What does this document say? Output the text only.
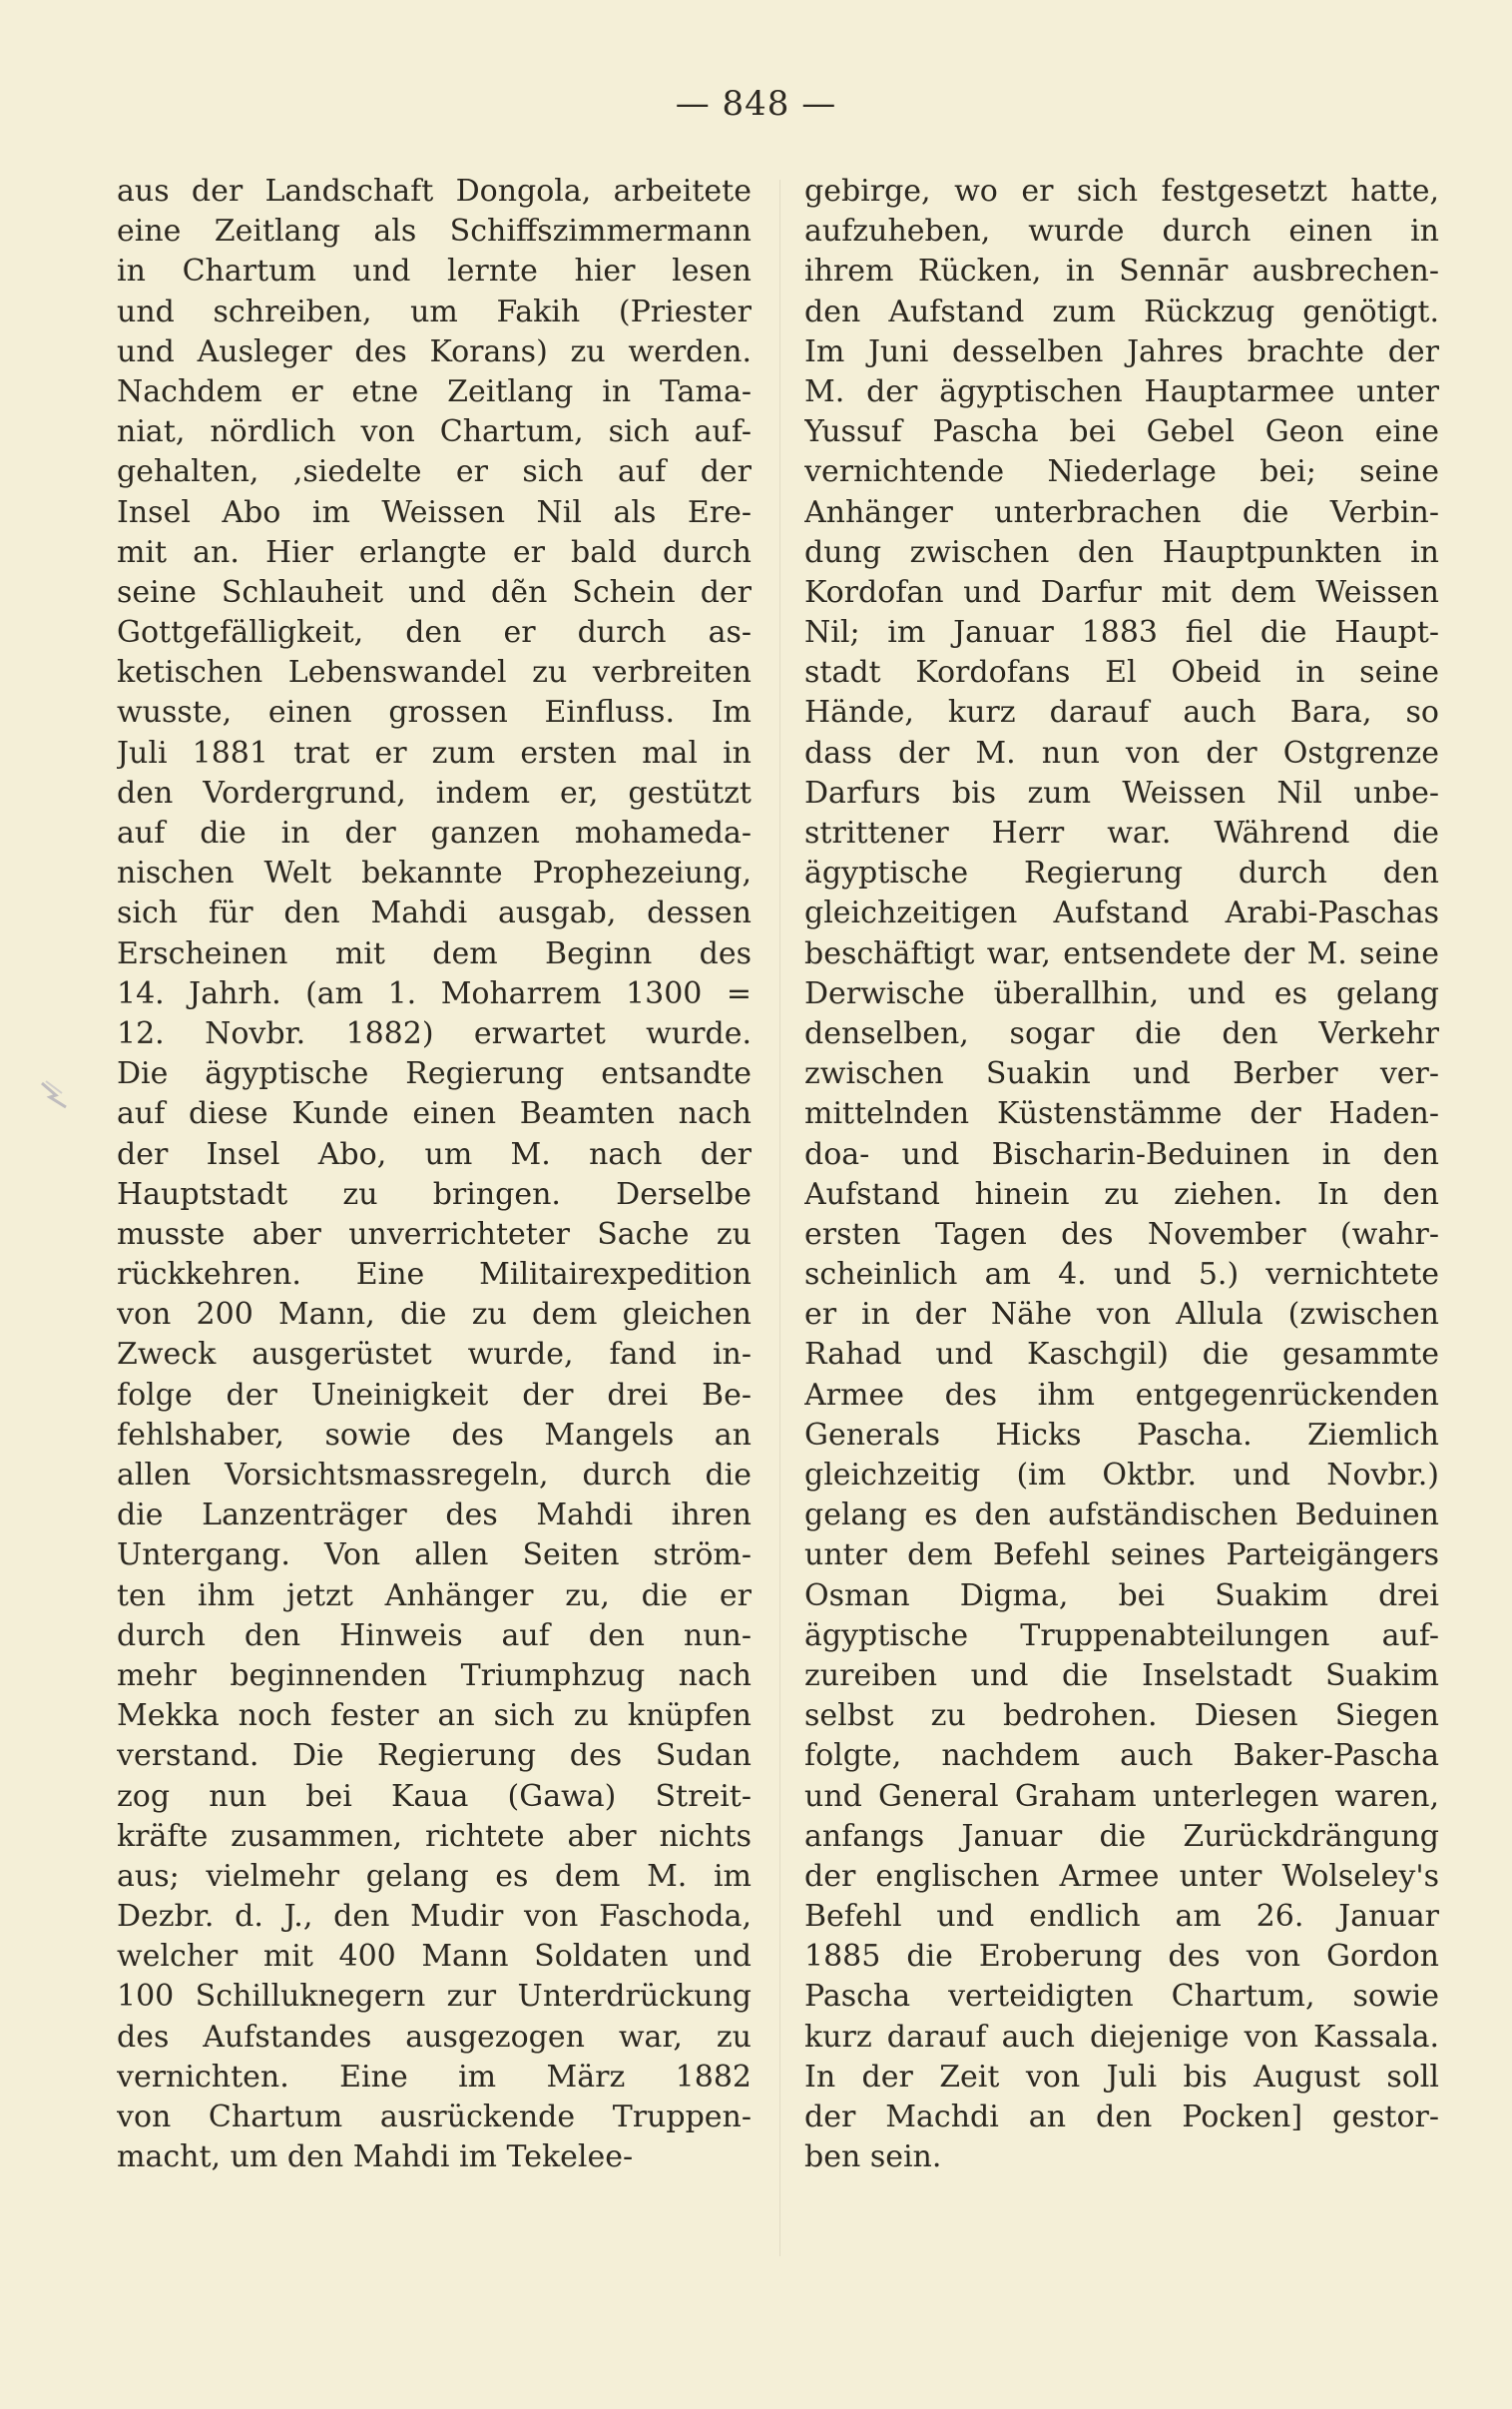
— 848 —
aus der Landschaft Dongola, arbeitete
eine Zeitlang als Schiffszimmermann
in Chartum und lernte hier lesen
und schreiben, um Fakih (Priester
und Ausleger des Korans) zu werden.
Nachdem er etne Zeitlang in Tama-
niat, nördlich von Chartum, sich auf-
gehalten, ,siedelte er sich auf der
Insel Abo im Weissen Nil als Ere-
mit an. Hier erlangte er bald durch
seine Schlauheit und dẽn Schein der
Gottgefälligkeit, den er durch as-
ketischen Lebenswandel zu verbreiten
wusste, einen grossen Einfluss. Im
Juli 1881 trat er zum ersten mal in
den Vordergrund, indem er, gestützt
auf die in der ganzen mohameda-
nischen Welt bekannte Prophezeiung,
sich für den Mahdi ausgab, dessen
Erscheinen mit dem Beginn des
14. Jahrh. (am 1. Moharrem 1300 =
12. Novbr. 1882) erwartet wurde.
Die ägyptische Regierung entsandte
auf diese Kunde einen Beamten nach
der Insel Abo, um M. nach der
Hauptstadt zu bringen. Derselbe
musste aber unverrichteter Sache zu
rückkehren. Eine Militairexpedition
von 200 Mann, die zu dem gleichen
Zweck ausgerüstet wurde, fand in-
folge der Uneinigkeit der drei Be-
fehlshaber, sowie des Mangels an
allen Vorsichtsmassregeln, durch die
die Lanzenträger des Mahdi ihren
Untergang. Von allen Seiten ström-
ten ihm jetzt Anhänger zu, die er
durch den Hinweis auf den nun-
mehr beginnenden Triumphzug nach
Mekka noch fester an sich zu knüpfen
verstand. Die Regierung des Sudan
zog nun bei Kaua (Gawa) Streit-
kräfte zusammen, richtete aber nichts
aus; vielmehr gelang es dem M. im
Dezbr. d. J., den Mudir von Faschoda,
welcher mit 400 Mann Soldaten und
100 Schilluknegern zur Unterdrückung
des Aufstandes ausgezogen war, zu
vernichten. Eine im März 1882
von Chartum ausrückende Truppen-
macht, um den Mahdi im Tekelee-
gebirge, wo er sich festgesetzt hatte,
aufzuheben, wurde durch einen in
ihrem Rücken, in Sennār ausbrechen-
den Aufstand zum Rückzug genötigt.
Im Juni desselben Jahres brachte der
M. der ägyptischen Hauptarmee unter
Yussuf Pascha bei Gebel Geon eine
vernichtende Niederlage bei; seine
Anhänger unterbrachen die Verbin-
dung zwischen den Hauptpunkten in
Kordofan und Darfur mit dem Weissen
Nil; im Januar 1883 fiel die Haupt-
stadt Kordofans El Obeid in seine
Hände, kurz darauf auch Bara, so
dass der M. nun von der Ostgrenze
Darfurs bis zum Weissen Nil unbe-
strittener Herr war. Während die
ägyptische Regierung durch den
gleichzeitigen Aufstand Arabi-Paschas
beschäftigt war, entsendete der M. seine
Derwische überallhin, und es gelang
denselben, sogar die den Verkehr
zwischen Suakin und Berber ver-
mittelnden Küstenstämme der Haden-
doa- und Bischarin-Beduinen in den
Aufstand hinein zu ziehen. In den
ersten Tagen des November (wahr-
scheinlich am 4. und 5.) vernichtete
er in der Nähe von Allula (zwischen
Rahad und Kaschgil) die gesammte
Armee des ihm entgegenrückenden
Generals Hicks Pascha. Ziemlich
gleichzeitig (im Oktbr. und Novbr.)
gelang es den aufständischen Beduinen
unter dem Befehl seines Parteigängers
Osman Digma, bei Suakim drei
ägyptische Truppenabteilungen auf-
zureiben und die Inselstadt Suakim
selbst zu bedrohen. Diesen Siegen
folgte, nachdem auch Baker-Pascha
und General Graham unterlegen waren,
anfangs Januar die Zurückdrängung
der englischen Armee unter Wolseley's
Befehl und endlich am 26. Januar
1885 die Eroberung des von Gordon
Pascha verteidigten Chartum, sowie
kurz darauf auch diejenige von Kassala.
In der Zeit von Juli bis August soll
der Machdi an den Pocken] gestor-
ben sein.
